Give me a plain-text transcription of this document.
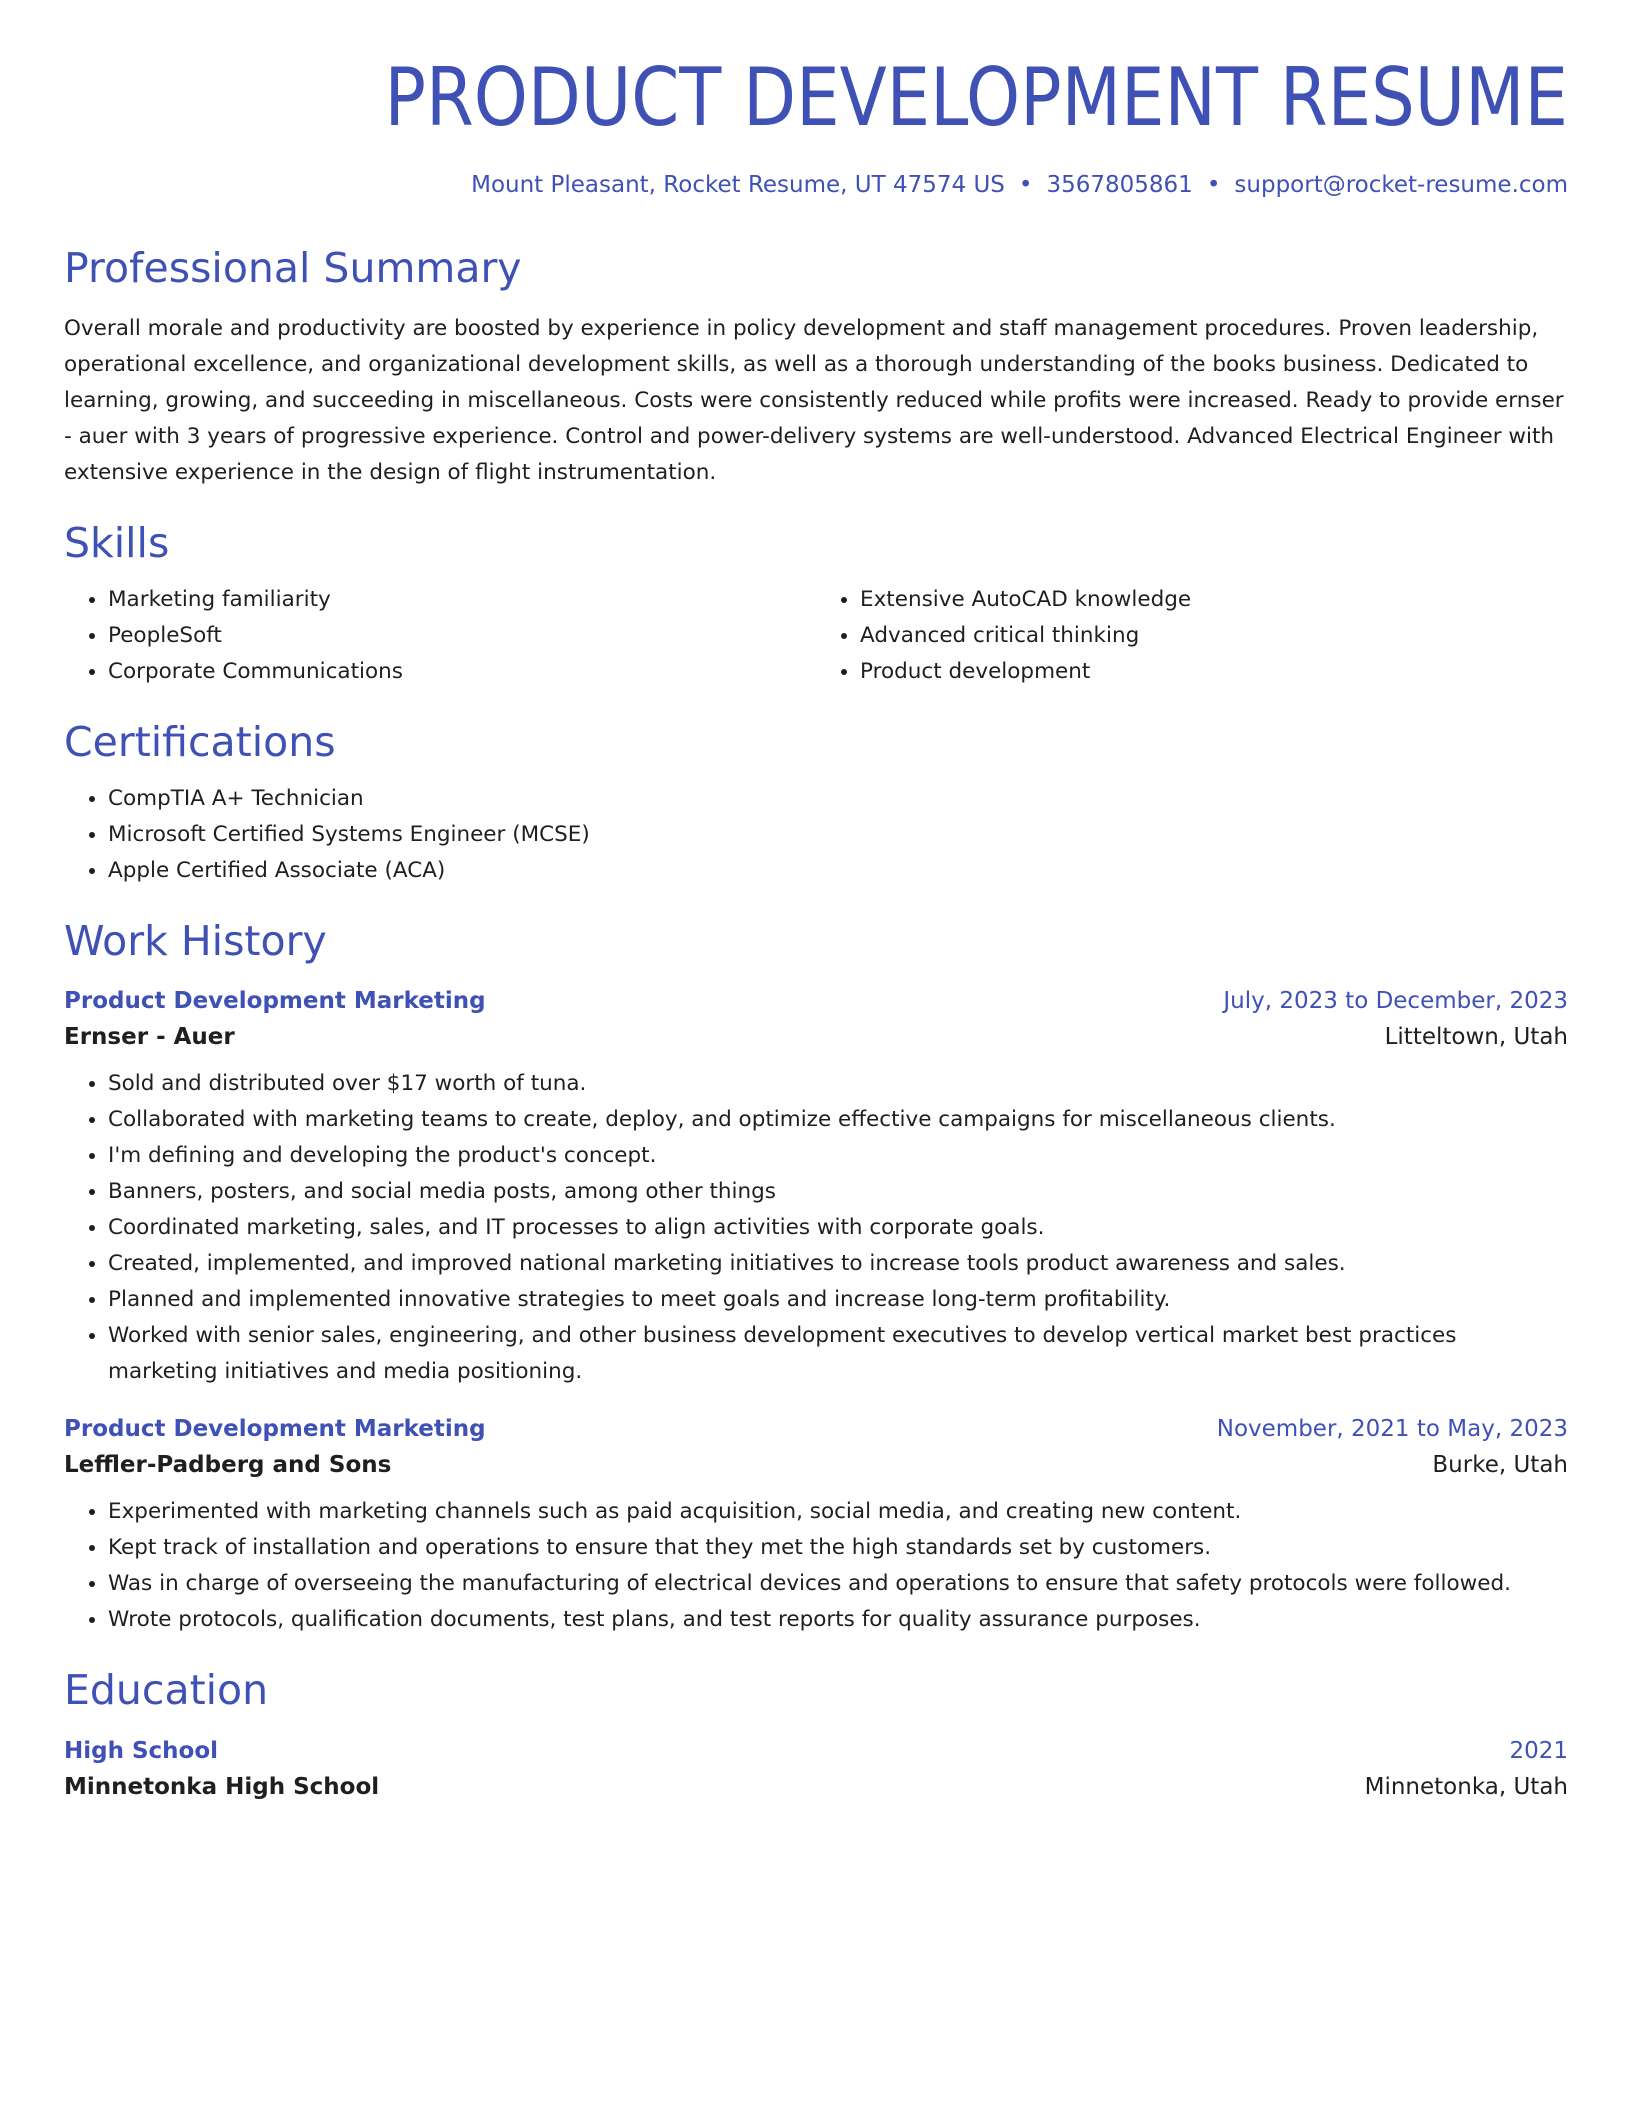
PRODUCT DEVELOPMENT RESUME
Mount Pleasant, Rocket Resume, UT 47574 US • 3567805861 • support@rocket-resume.com
Professional Summary

Overall morale and productivity are boosted by experience in policy development and staff management procedures. Proven leadership, operational excellence, and organizational development skills, as well as a thorough understanding of the books business. Dedicated to learning, growing, and succeeding in miscellaneous. Costs were consistently reduced while profits were increased. Ready to provide ernser - auer with 3 years of progressive experience. Control and power-delivery systems are well-understood. Advanced Electrical Engineer with extensive experience in the design of flight instrumentation.

Skills
• Marketing familiarity
• PeopleSoft
• Corporate Communications
• Extensive AutoCAD knowledge
• Advanced critical thinking
• Product development
Certifications
• CompTIA A+ Technician
• Microsoft Certified Systems Engineer (MCSE)
• Apple Certified Associate (ACA)
Work History
Product Development Marketing	July, 2023 to December, 2023
Ernser - Auer	Litteltown, Utah
• Sold and distributed over $17 worth of tuna.
• Collaborated with marketing teams to create, deploy, and optimize effective campaigns for miscellaneous clients.
• I'm defining and developing the product's concept.
• Banners, posters, and social media posts, among other things
• Coordinated marketing, sales, and IT processes to align activities with corporate goals.
• Created, implemented, and improved national marketing initiatives to increase tools product awareness and sales.
• Planned and implemented innovative strategies to meet goals and increase long-term profitability.
• Worked with senior sales, engineering, and other business development executives to develop vertical market best practices marketing initiatives and media positioning.
Product Development Marketing	November, 2021 to May, 2023
Leffler-Padberg and Sons	Burke, Utah
• Experimented with marketing channels such as paid acquisition, social media, and creating new content.
• Kept track of installation and operations to ensure that they met the high standards set by customers.
• Was in charge of overseeing the manufacturing of electrical devices and operations to ensure that safety protocols were followed.
• Wrote protocols, qualification documents, test plans, and test reports for quality assurance purposes.
Education
High School	2021
Minnetonka High School	Minnetonka, Utah
